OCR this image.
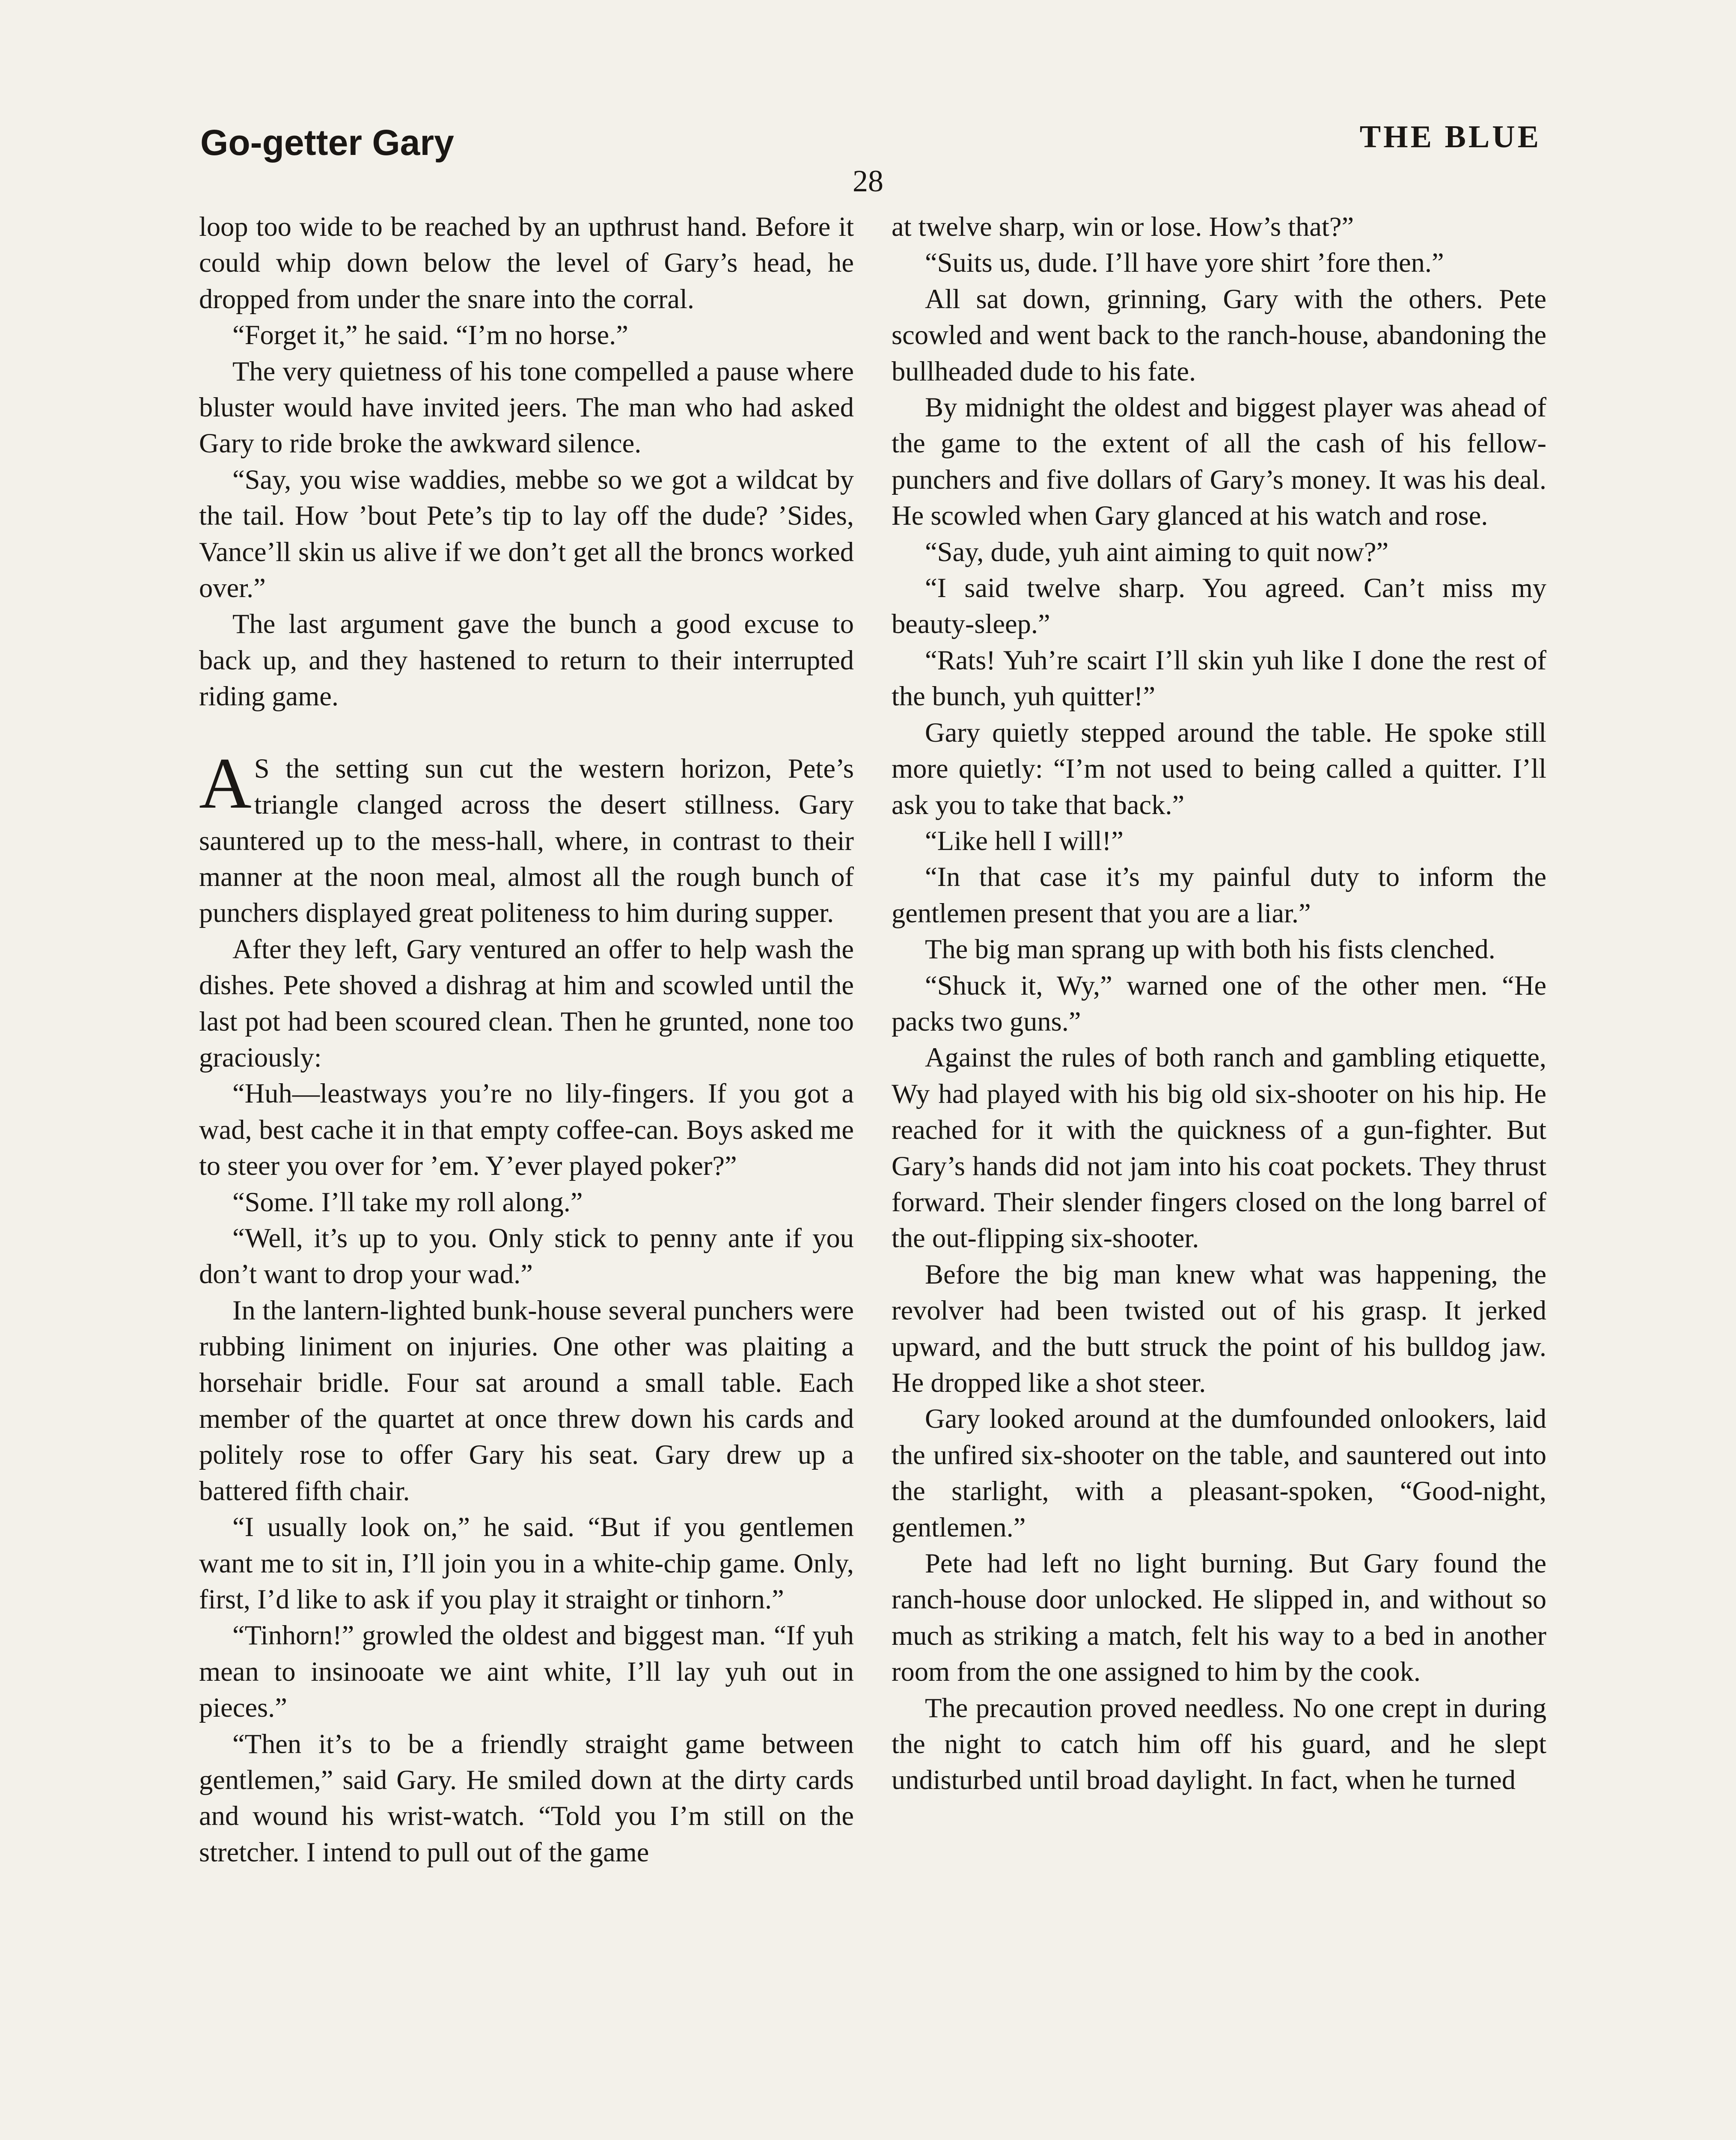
Go-getter Gary	THE BLUE
28

loop too wide to be reached by an upthrust hand. Before it could whip down below the level of Gary’s head, he dropped from under the snare into the corral.

“Forget it,” he said. “I’m no horse.”

The very quietness of his tone compelled a pause where bluster would have invited jeers. The man who had asked Gary to ride broke the awkward silence.

“Say, you wise waddies, mebbe so we got a wildcat by the tail. How ’bout Pete’s tip to lay off the dude? ’Sides, Vance’ll skin us alive if we don’t get all the broncs worked over.”

The last argument gave the bunch a good excuse to back up, and they hastened to return to their interrupted riding game.

A S the setting sun cut the western horizon, Pete’s triangle clanged across the desert stillness. Gary sauntered up to the mess-hall, where, in contrast to their manner at the noon meal, almost all the rough bunch of punchers displayed great politeness to him during supper.

After they left, Gary ventured an offer to help wash the dishes. Pete shoved a dishrag at him and scowled until the last pot had been scoured clean. Then he grunted, none too graciously:

“Huh—leastways you’re no lily-fingers. If you got a wad, best cache it in that empty coffee-can. Boys asked me to steer you over for ’em. Y’ever played poker?”

“Some. I’ll take my roll along.”

“Well, it’s up to you. Only stick to penny ante if you don’t want to drop your wad.”

In the lantern-lighted bunk-house several punchers were rubbing liniment on injuries. One other was plaiting a horsehair bridle. Four sat around a small table. Each member of the quartet at once threw down his cards and politely rose to offer Gary his seat. Gary drew up a battered fifth chair.

“I usually look on,” he said. “But if you gentlemen want me to sit in, I’ll join you in a white-chip game. Only, first, I’d like to ask if you play it straight or tinhorn.”

“Tinhorn!” growled the oldest and biggest man. “If yuh mean to insinooate we aint white, I’ll lay yuh out in pieces.”

“Then it’s to be a friendly straight game between gentlemen,” said Gary. He smiled down at the dirty cards and wound his wrist-watch. “Told you I’m still on the stretcher. I intend to pull out of the game

at twelve sharp, win or lose. How’s that?”

“Suits us, dude. I’ll have yore shirt ’fore then.”

All sat down, grinning, Gary with the others. Pete scowled and went back to the ranch-house, abandoning the bullheaded dude to his fate.

By midnight the oldest and biggest player was ahead of the game to the extent of all the cash of his fellow-punchers and five dollars of Gary’s money. It was his deal. He scowled when Gary glanced at his watch and rose.

“Say, dude, yuh aint aiming to quit now?”

“I said twelve sharp. You agreed. Can’t miss my beauty-sleep.”

“Rats! Yuh’re scairt I’ll skin yuh like I done the rest of the bunch, yuh quitter!”

Gary quietly stepped around the table. He spoke still more quietly: “I’m not used to being called a quitter. I’ll ask you to take that back.”

“Like hell I will!”

“In that case it’s my painful duty to inform the gentlemen present that you are a liar.”

The big man sprang up with both his fists clenched.

“Shuck it, Wy,” warned one of the other men. “He packs two guns.”

Against the rules of both ranch and gambling etiquette, Wy had played with his big old six-shooter on his hip. He reached for it with the quickness of a gun-fighter. But Gary’s hands did not jam into his coat pockets. They thrust forward. Their slender fingers closed on the long barrel of the out-flipping six-shooter.

Before the big man knew what was happening, the revolver had been twisted out of his grasp. It jerked upward, and the butt struck the point of his bulldog jaw. He dropped like a shot steer.

Gary looked around at the dumfounded onlookers, laid the unfired six-shooter on the table, and sauntered out into the starlight, with a pleasant-spoken, “Good-night, gentlemen.”

Pete had left no light burning. But Gary found the ranch-house door unlocked. He slipped in, and without so much as striking a match, felt his way to a bed in another room from the one assigned to him by the cook.

The precaution proved needless. No one crept in during the night to catch him off his guard, and he slept undisturbed until broad daylight. In fact, when he turned
